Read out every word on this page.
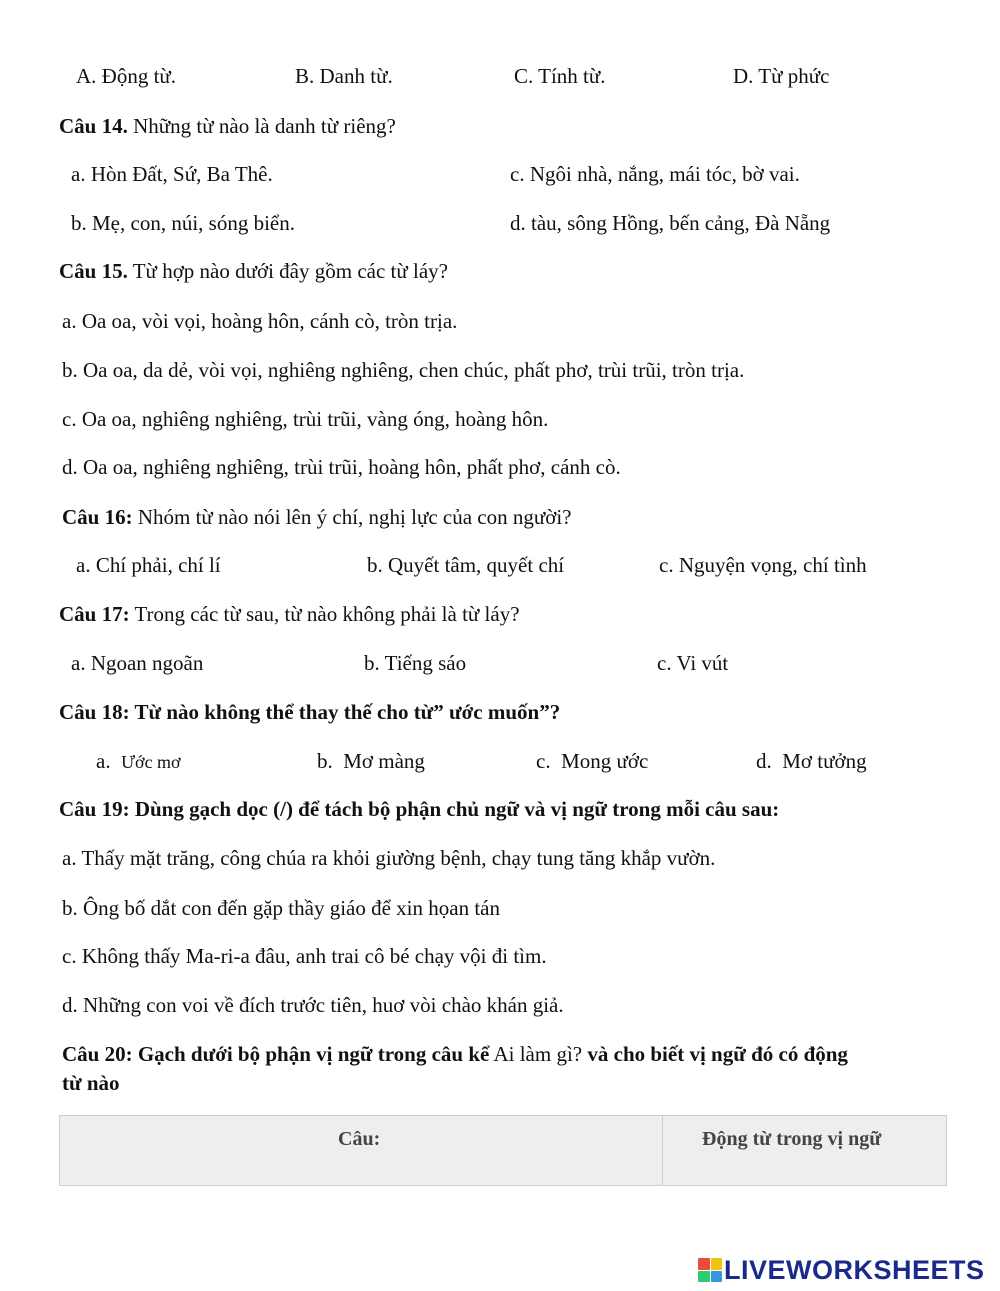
A. Động từ.	B. Danh từ.	C. Tính từ.	D. Từ phức
Câu 14. Những từ nào là danh từ riêng?
a. Hòn Đất, Sứ, Ba Thê.	c. Ngôi nhà, nắng, mái tóc, bờ vai.
b. Mẹ, con, núi, sóng biển.	d. tàu, sông Hồng, bến cảng, Đà Nẵng
Câu 15. Từ hợp nào dưới đây gồm các từ láy?
a. Oa oa, vòi vọi, hoàng hôn, cánh cò, tròn trịa.
b. Oa oa, da dẻ, vòi vọi, nghiêng nghiêng, chen chúc, phất phơ, trùi trũi, tròn trịa.
c. Oa oa, nghiêng nghiêng, trùi trũi, vàng óng, hoàng hôn.
d. Oa oa, nghiêng nghiêng, trùi trũi, hoàng hôn, phất phơ, cánh cò.
Câu 16: Nhóm từ nào nói lên ý chí, nghị lực của con người?
a. Chí phải, chí lí	b. Quyết tâm, quyết chí	c. Nguyện vọng, chí tình
Câu 17: Trong các từ sau, từ nào không phải là từ láy?
a. Ngoan ngoãn	b. Tiếng sáo	c. Vi vút
Câu 18: Từ nào không thể thay thế cho từ” ước muốn”?
a. Ước mơ	b. Mơ màng	c. Mong ước	d. Mơ tưởng
Câu 19: Dùng gạch dọc (/) để tách bộ phận chủ ngữ và vị ngữ trong mỗi câu sau:
a. Thấy mặt trăng, công chúa ra khỏi giường bệnh, chạy tung tăng khắp vườn.
b. Ông bố dắt con đến gặp thầy giáo để xin họan tán
c. Không thấy Ma-ri-a đâu, anh trai cô bé chạy vội đi tìm.
d. Những con voi về đích trước tiên, huơ vòi chào khán giả.
Câu 20: Gạch dưới bộ phận vị ngữ trong câu kể Ai làm gì? và cho biết vị ngữ đó có động
từ nào
Câu:	Động từ trong vị ngữ
LIVEWORKSHEETS
